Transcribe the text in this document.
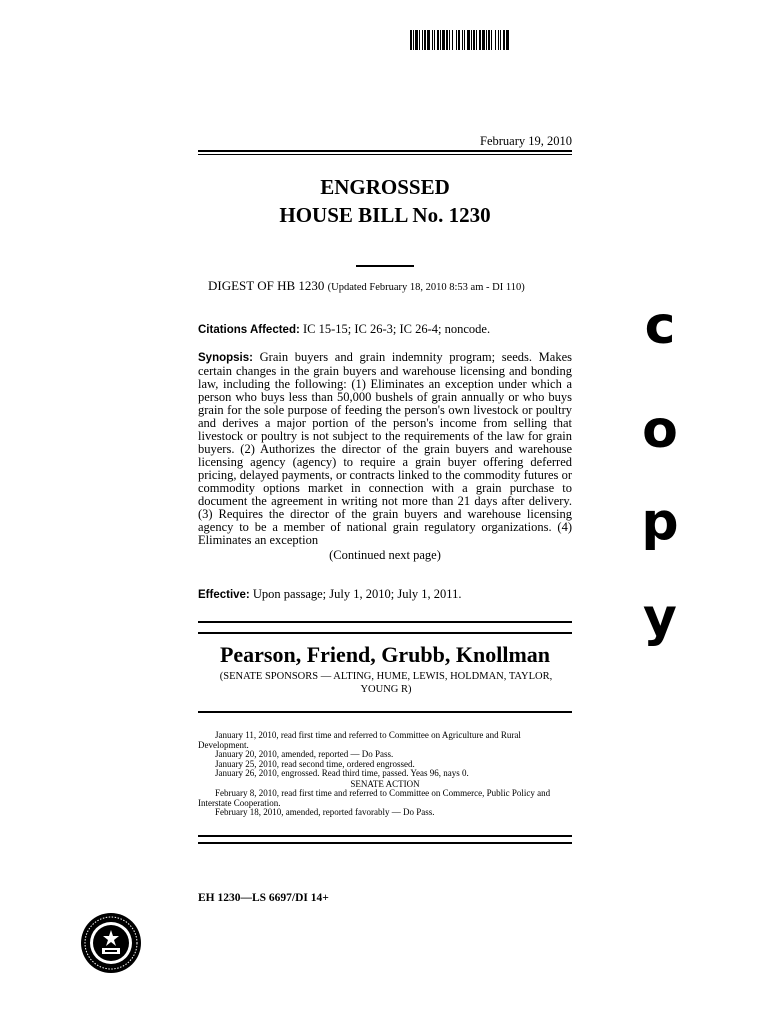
February 19, 2010
ENGROSSED
HOUSE BILL No. 1230
DIGEST OF HB 1230 (Updated February 18, 2010 8:53 am - DI 110)
Citations Affected: IC 15-15; IC 26-3; IC 26-4; noncode.
Synopsis: Grain buyers and grain indemnity program; seeds. Makes certain changes in the grain buyers and warehouse licensing and bonding law, including the following: (1) Eliminates an exception under which a person who buys less than 50,000 bushels of grain annually or who buys grain for the sole purpose of feeding the person's own livestock or poultry and derives a major portion of the person's income from selling that livestock or poultry is not subject to the requirements of the law for grain buyers. (2) Authorizes the director of the grain buyers and warehouse licensing agency (agency) to require a grain buyer offering deferred pricing, delayed payments, or contracts linked to the commodity futures or commodity options market in connection with a grain purchase to document the agreement in writing not more than 21 days after delivery. (3) Requires the director of the grain buyers and warehouse licensing agency to be a member of national grain regulatory organizations. (4) Eliminates an exception
(Continued next page)
Effective: Upon passage; July 1, 2010; July 1, 2011.
Pearson, Friend, Grubb, Knollman
(SENATE SPONSORS — ALTING, HUME, LEWIS, HOLDMAN, TAYLOR, YOUNG R)
January 11, 2010, read first time and referred to Committee on Agriculture and Rural Development.
January 20, 2010, amended, reported — Do Pass.
January 25, 2010, read second time, ordered engrossed.
January 26, 2010, engrossed. Read third time, passed. Yeas 96, nays 0.
SENATE ACTION
February 8, 2010, read first time and referred to Committee on Commerce, Public Policy and Interstate Cooperation.
February 18, 2010, amended, reported favorably — Do Pass.
EH 1230—LS 6697/DI 14+
c
o
p
y
